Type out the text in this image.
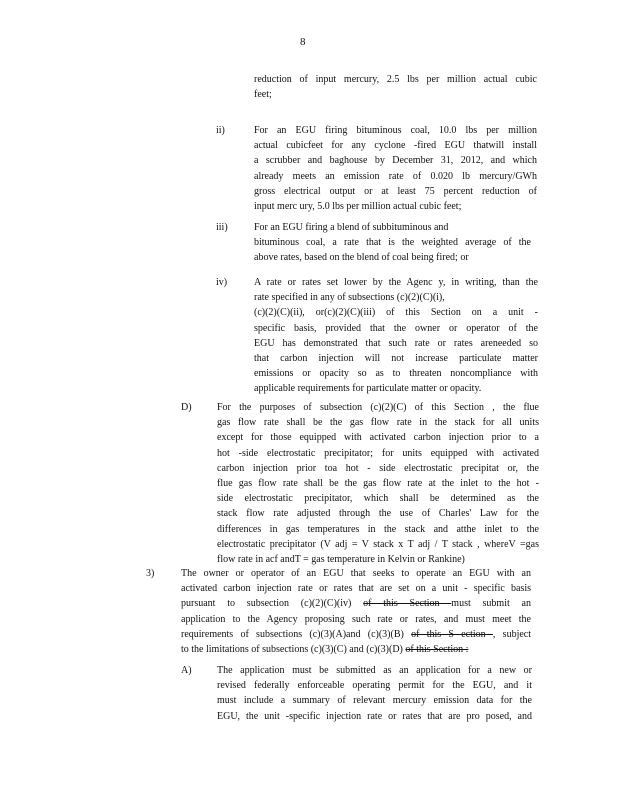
8
reduction of input mercury, 2.5 lbs per million actual cubic
feet;
ii)	For an EGU firing bituminous coal, 10.0 lbs per million
actual cubicfeet for any cyclone -fired EGU thatwill install
a scrubber and baghouse by December 31, 2012, and which
already meets an emission rate of 0.020 lb mercury/GWh
gross electrical output or at least 75 percent reduction of
input merc ury, 5.0 lbs per million actual cubic feet;
iii)	For an EGU firing a blend of subbituminous and
bituminous coal, a rate that is the weighted average of the
above rates, based on the blend of coal being fired; or
iv)	A rate or rates set lower by the Agenc y, in writing, than the
rate specified in any of subsections (c)(2)(C)(i),
(c)(2)(C)(ii), or(c)(2)(C)(iii) of this Section on a unit -
specific basis, provided that the owner or operator of the
EGU has demonstrated that such rate or rates areneeded so
that carbon injection will not increase particulate matter
emissions or opacity so as to threaten noncompliance with
applicable requirements for particulate matter or opacity.
D)	For the purposes of subsection (c)(2)(C) of this Section , the flue
gas flow rate shall be the gas flow rate in the stack for all units
except for those equipped with activated carbon injection prior to a
hot -side electrostatic precipitator; for units equipped with activated
carbon injection prior toa hot - side electrostatic precipitat or, the
flue gas flow rate shall be the gas flow rate at the inlet to the hot -
side electrostatic precipitator, which shall be determined as the
stack flow rate adjusted through the use of Charles' Law for the
differences in gas temperatures in the stack and atthe inlet to the
electrostatic precipitator (V adj = V stack x T adj / T stack , whereV =gas
flow rate in acf andT = gas temperature in Kelvin or Rankine)
3)	The owner or operator of an EGU that seeks to operate an EGU with an
activated carbon injection rate or rates that are set on a unit - specific basis
pursuant to subsection (c)(2)(C)(iv) of this Section must submit an
application to the Agency proposing such rate or rates, and must meet the
requirements of subsections (c)(3)(A)and (c)(3)(B) of this S ection , subject
to the limitations of subsections (c)(3)(C) and (c)(3)(D) of this Section :
A)	The application must be submitted as an application for a new or
revised federally enforceable operating permit for the EGU, and it
must include a summary of relevant mercury emission data for the
EGU, the unit -specific injection rate or rates that are pro posed, and
